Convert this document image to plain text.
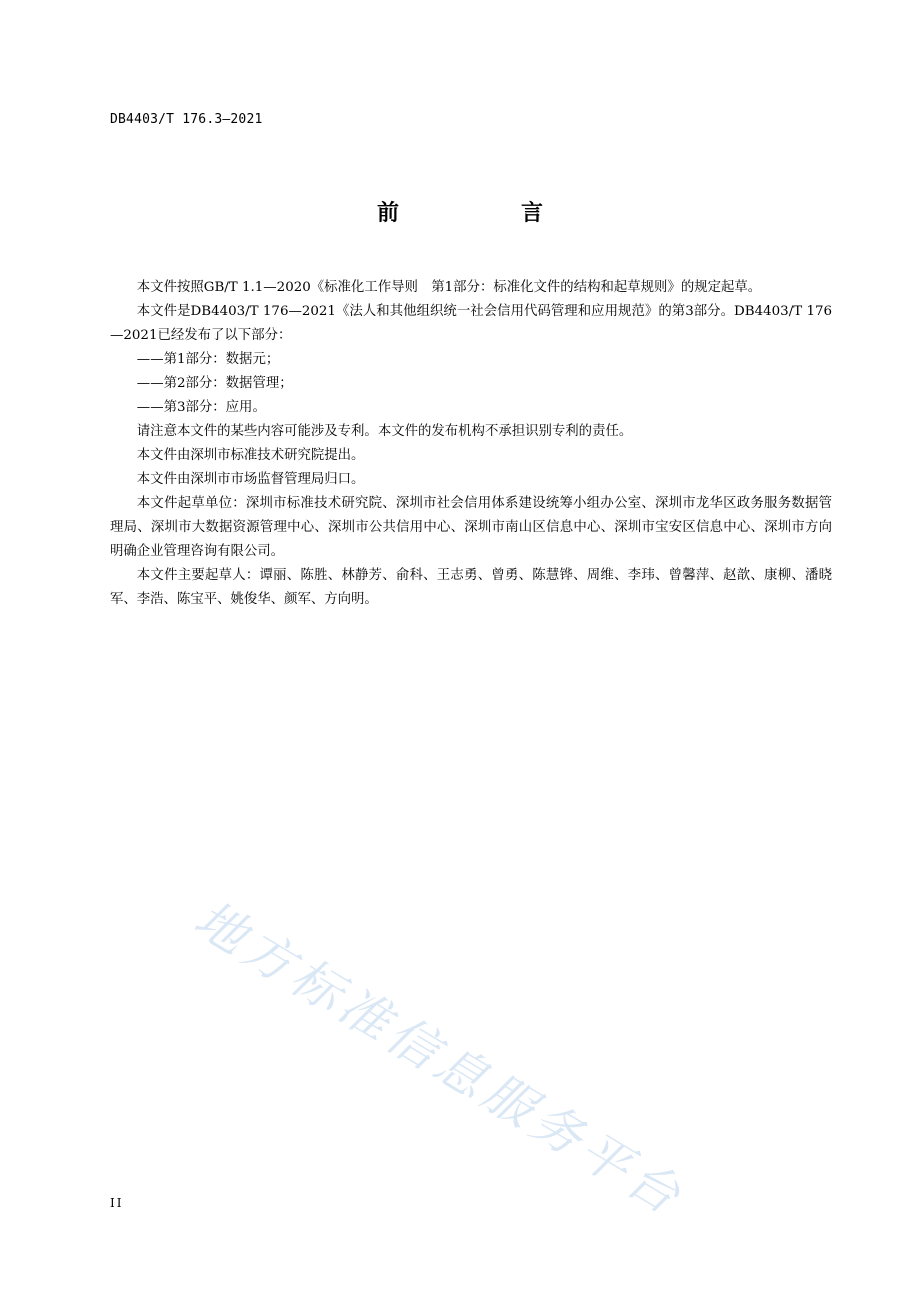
DB4403/T 176.3—2021
前　言

本文件按照GB/T 1.1—2020《标准化工作导则　第1部分：标准化文件的结构和起草规则》的规定起草。

本文件是DB4403/T 176—2021《法人和其他组织统一社会信用代码管理和应用规范》的第3部分。DB4403/T 176—2021已经发布了以下部分：

——第1部分：数据元；

——第2部分：数据管理；

——第3部分：应用。

请注意本文件的某些内容可能涉及专利。本文件的发布机构不承担识别专利的责任。

本文件由深圳市标准技术研究院提出。

本文件由深圳市市场监督管理局归口。

本文件起草单位：深圳市标准技术研究院、深圳市社会信用体系建设统筹小组办公室、深圳市龙华区政务服务数据管理局、深圳市大数据资源管理中心、深圳市公共信用中心、深圳市南山区信息中心、深圳市宝安区信息中心、深圳市方向明确企业管理咨询有限公司。

本文件主要起草人：谭丽、陈胜、林静芳、俞科、王志勇、曾勇、陈慧铧、周维、李玮、曾馨萍、赵歆、康柳、潘晓军、李浩、陈宝平、姚俊华、颜军、方向明。

地方标准信息服务平台
II
